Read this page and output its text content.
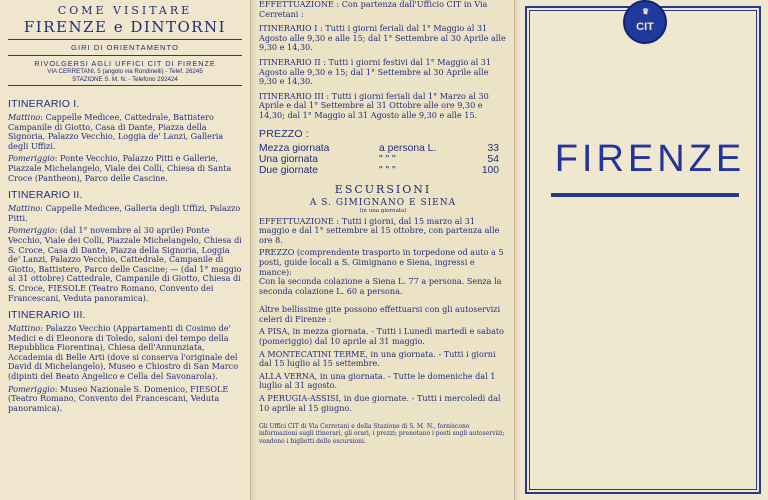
COME VISITARE
FIRENZE e DINTORNI
GIRI DI ORIENTAMENTO
RIVOLGERSI AGLI UFFICI CIT DI FIRENZE
VIA CERRETANI, 5 (angolo via Rondinelli) - Telef. 26245
STAZIONE S. M. N. - Telefono 292424
ITINERARIO I.
Mattino: Cappelle Medicee, Cattedrale, Battistero Campanile di Giotto, Casa di Dante, Piazza della Signoria, Palazzo Vecchio, Loggia de' Lanzi, Galleria degli Uffizi.
Pomeriggio: Ponte Vecchio, Palazzo Pitti e Gallerie, Piazzale Michelangelo, Viale dei Colli, Chiesa di Santa Croce (Pantheon), Parco delle Cascine.
ITINERARIO II.
Mattino: Cappelle Medicee, Galleria degli Uffizi, Palazzo Pitti.
Pomeriggio: (dal 1° novembre al 30 aprile) Ponte Vecchio, Viale dei Colli, Piazzale Michelangelo, Chiesa di S. Croce, Casa di Dante, Piazza della Signoria, Loggia de' Lanzi, Palazzo Vecchio, Cattedrale, Campanile di Giotto, Battistero, Parco delle Cascine; — (dal 1° maggio al 31 ottobre) Cattedrale, Campanile di Giotto, Chiesa di S. Croce, FIESOLE (Teatro Romano, Convento dei Francescani, Veduta panoramica).
ITINERARIO III.
Mattino: Palazzo Vecchio (Appartamenti di Cosimo de' Medici e di Eleonora di Toledo, saloni del tempo della Repubblica Fiorentina), Chiesa dell'Annunziata, Accademia di Belle Arti (dove si conserva l'originale del David di Michelangelo), Museo e Chiostro di San Marco (dipinti del Beato Angelico e Cella del Savonarola).
Pomeriggio: Museo Nazionale S. Domenico, FIESOLE (Teatro Romano, Convento dei Francescani, Veduta panoramica).
EFFETTUAZIONE : Con partenza dall'Ufficio CIT in Via Cerretani :
ITINERARIO I : Tutti i giorni feriali dal 1° Maggio al 31 Agosto alle 9,30 e alle 15; dal 1° Settembre al 30 Aprile alle 9,30 e 14,30.
ITINERARIO II : Tutti i giorni festivi dal 1° Maggio al 31 Agosto alle 9,30 e 15; dal 1° Settembre al 30 Aprile alle 9,30 e 14,30.
ITINERARIO III : Tutti i giorni feriali dal 1° Marzo al 30 Aprile e dal 1° Settembre al 31 Ottobre alle ore 9,30 e 14,30; dal 1° Maggio al 31 Agosto alle 9,30 e alle 15.
PREZZO :
Mezza giornata	a persona L.	33
Una giornata	" " "	54
Due giornate	" " "	100
ESCURSIONI
A S. GIMIGNANO E SIENA
(in una giornata)
EFFETTUAZIONE : Tutti i giorni, dal 15 marzo al 31 maggio e dal 1° settembre al 15 ottobre, con partenza alle ore 8.
PREZZO (comprendente trasporto in torpedone od auto a 5 posti, guide locali a S. Gimignano e Siena, ingressi e mance):
Con la seconda colazione a Siena L. 77 a persona. Senza la seconda colazione L. 60 a persona.
Altre bellissime gite possono effettuarsi con gli autoservizi celeri di Firenze :
A PISA, in mezza giornata. - Tutti i Lunedì martedì e sabato (pomeriggio) dal 10 aprile al 31 maggio.
A MONTECATINI TERME, in una giornata. - Tutti i giorni dal 15 luglio al 15 settembre.
ALLA VERNA, in una giornata. - Tutte le domeniche dal 1 luglio al 31 agosto.
A PERUGIA-ASSISI, in due giornate. - Tutti i mercoledì dal 10 aprile al 15 giugno.
Gli Uffici CIT di Via Cerretani e della Stazione di S. M. N., forniscono informazioni sugli itinerari, gli orari, i prezzi; prenotano i posti sugli autoservizi; vendono i biglietti delle escursioni.
♛
CIT
FIRENZE
